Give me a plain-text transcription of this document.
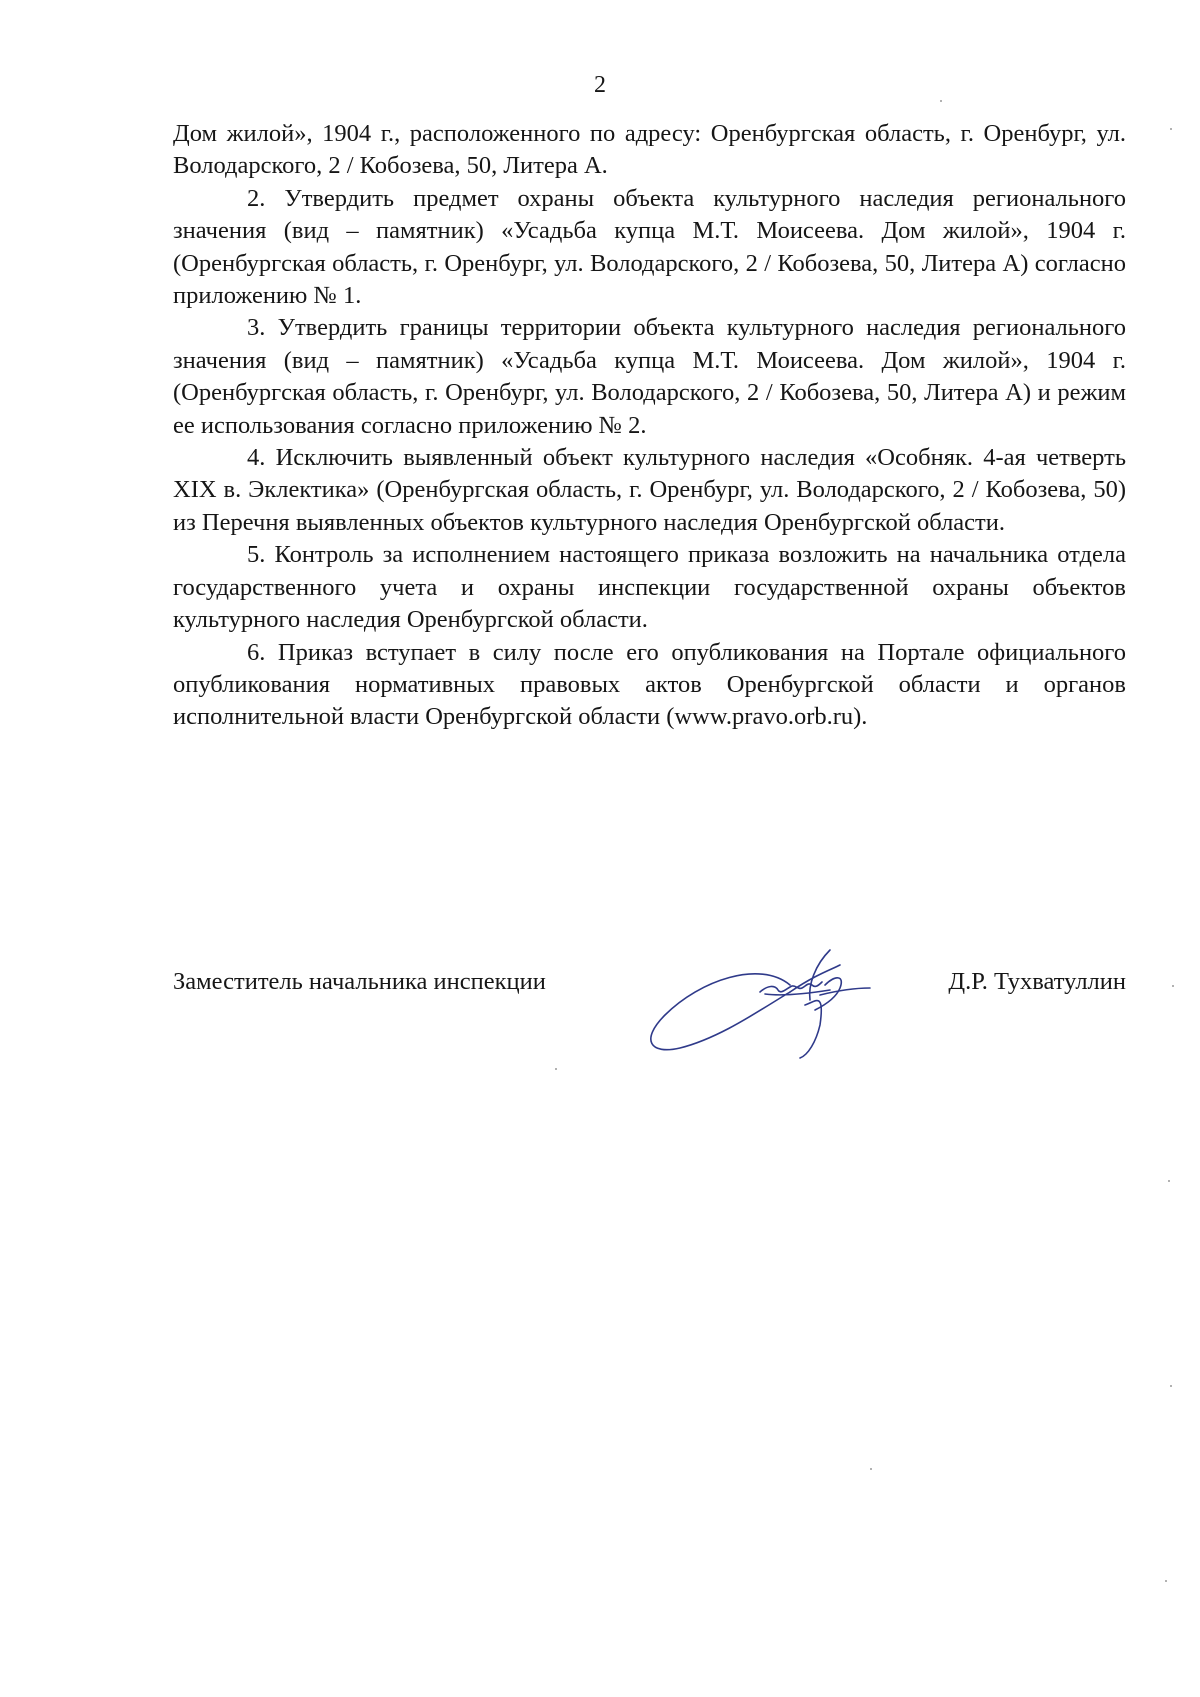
2

Дом жилой», 1904 г., расположенного по адресу: Оренбургская область, г. Оренбург, ул. Володарского, 2 / Кобозева, 50, Литера А.

2. Утвердить предмет охраны объекта культурного наследия регионального значения (вид – памятник) «Усадьба купца М.Т. Моисеева. Дом жилой», 1904 г. (Оренбургская область, г. Оренбург, ул. Володарского, 2 / Кобозева, 50, Литера А) согласно приложению № 1.

3. Утвердить границы территории объекта культурного наследия регионального значения (вид – памятник) «Усадьба купца М.Т. Моисеева. Дом жилой», 1904 г. (Оренбургская область, г. Оренбург, ул. Володарского, 2 / Кобозева, 50, Литера А) и режим ее использования согласно приложению № 2.

4. Исключить выявленный объект культурного наследия «Особняк. 4-ая четверть XIX в. Эклектика» (Оренбургская область, г. Оренбург, ул. Володарского, 2 / Кобозева, 50) из Перечня выявленных объектов культурного наследия Оренбургской области.

5. Контроль за исполнением настоящего приказа возложить на начальника отдела государственного учета и охраны инспекции государственной охраны объектов культурного наследия Оренбургской области.

6. Приказ вступает в силу после его опубликования на Портале официального опубликования нормативных правовых актов Оренбургской области и органов исполнительной власти Оренбургской области (www.pravo.orb.ru).

Заместитель начальника инспекции	Д.Р. Тухватуллин
